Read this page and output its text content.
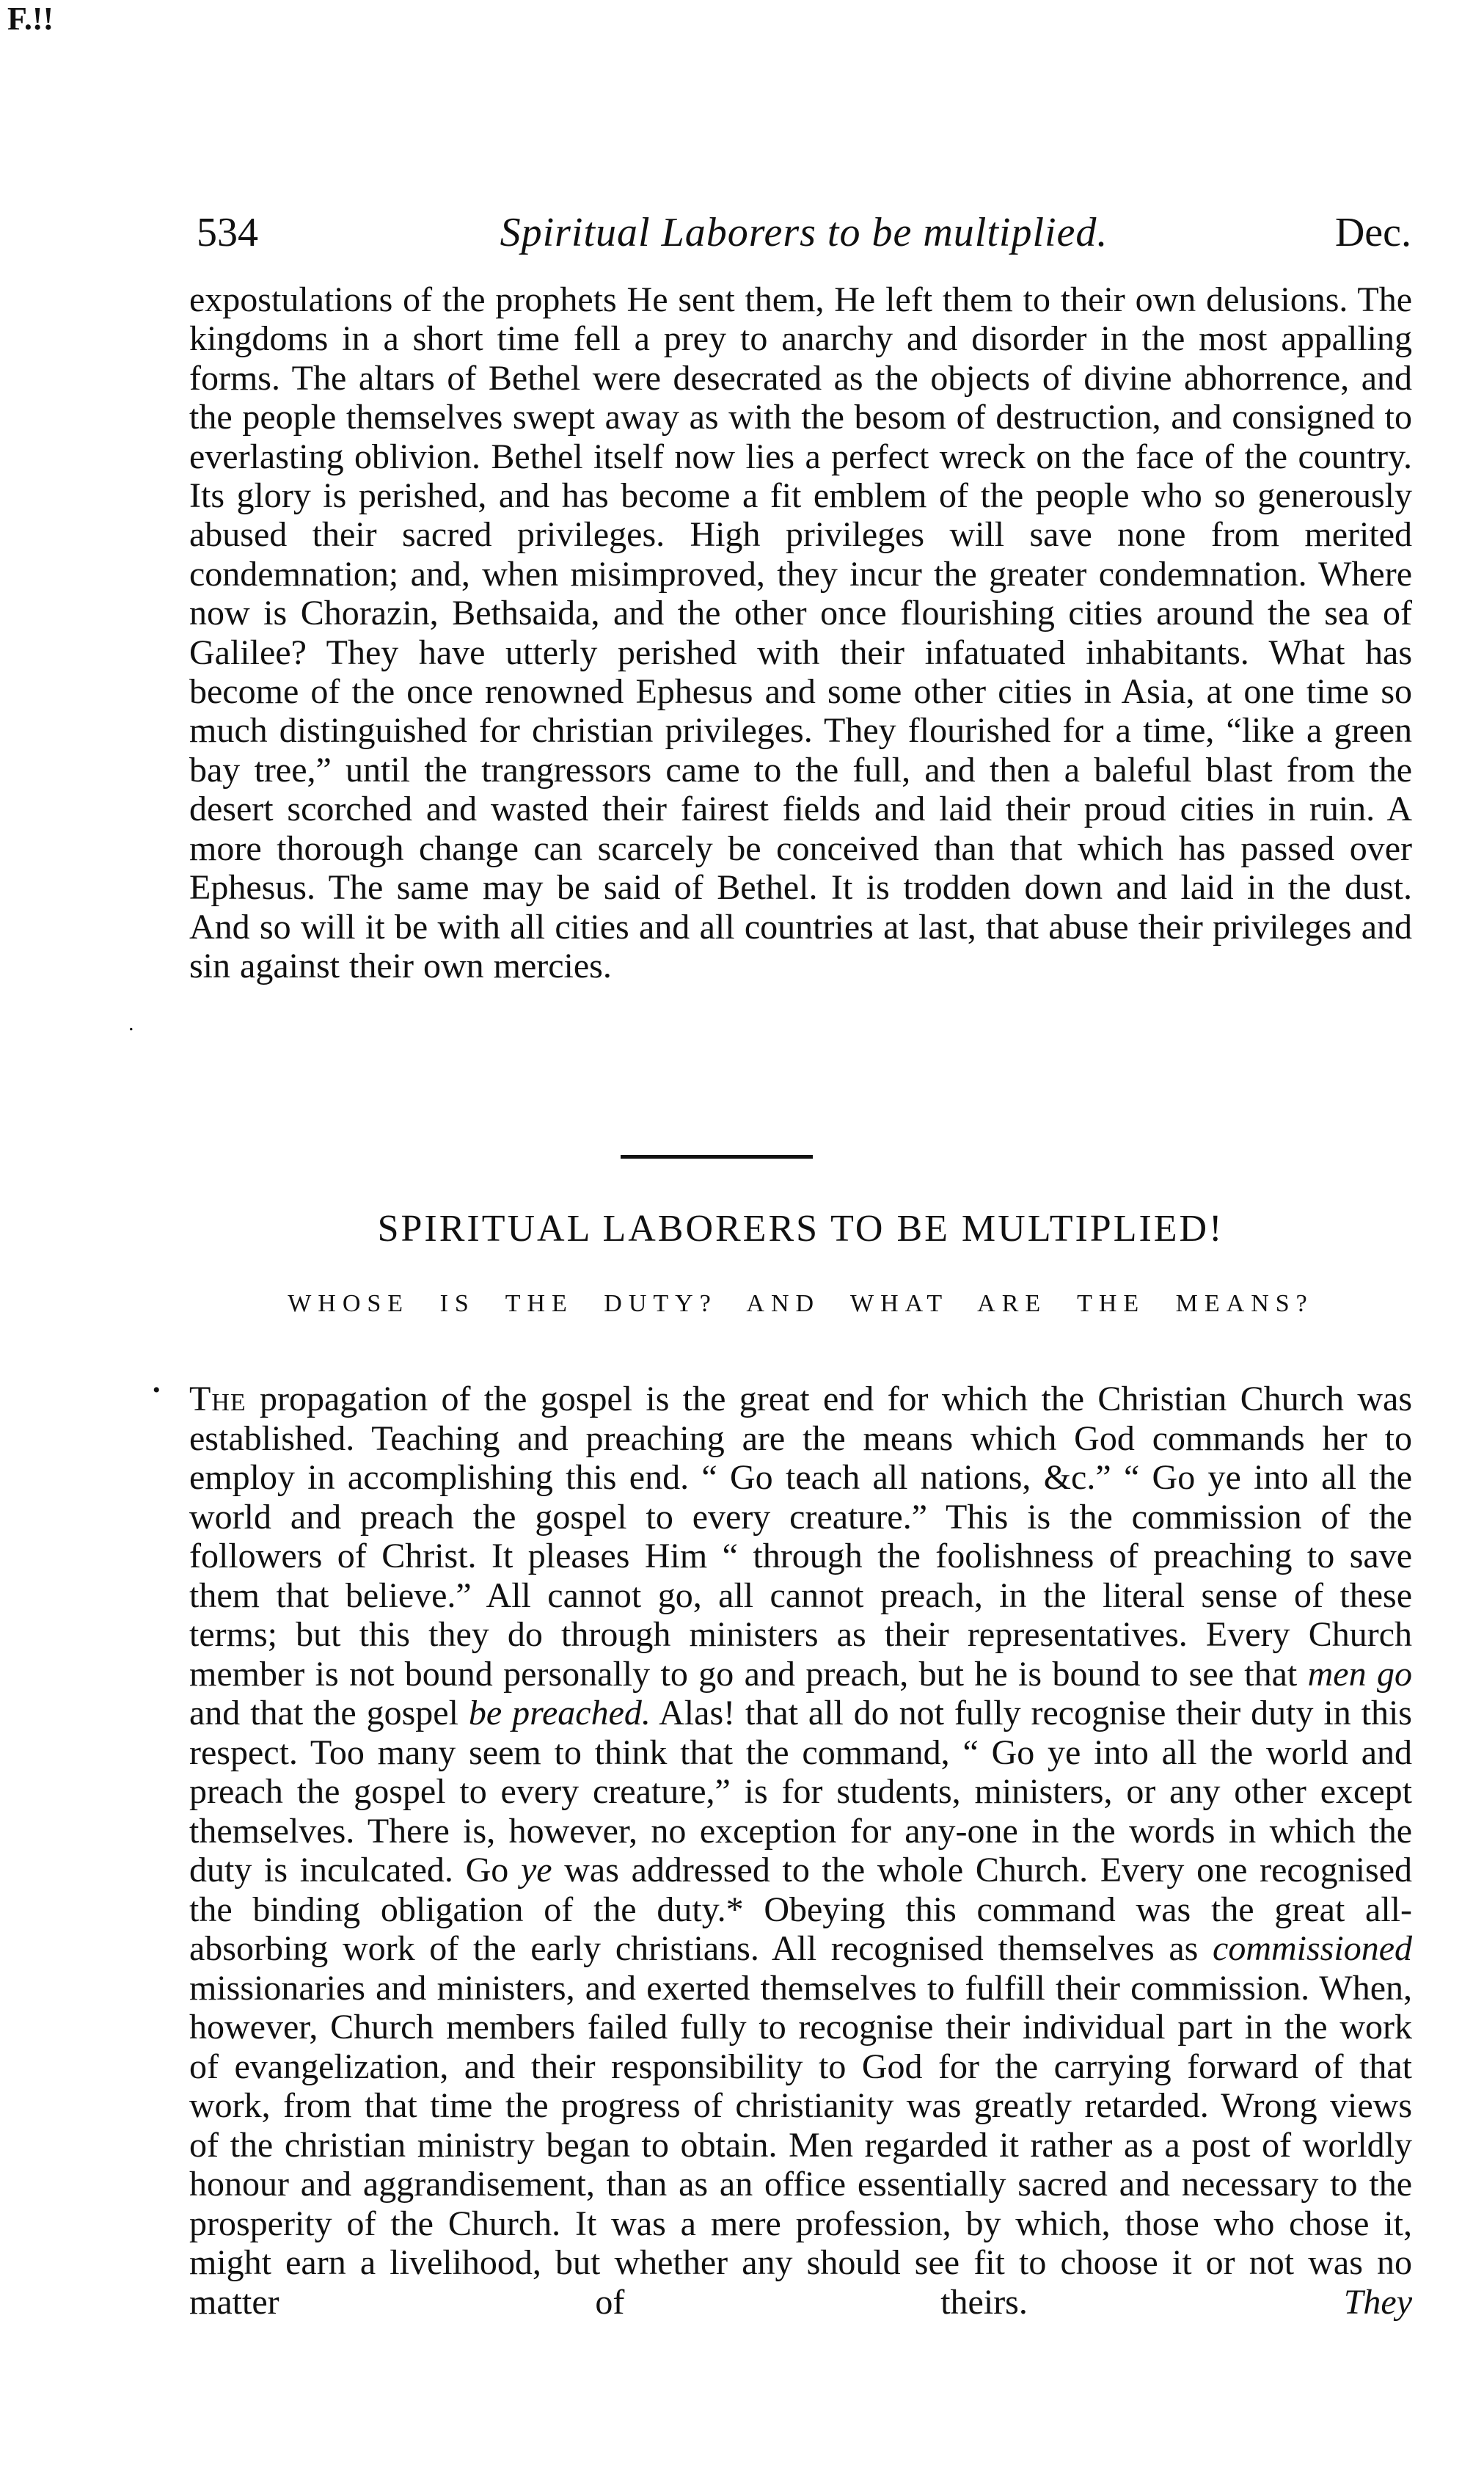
F.!!
534	Spiritual Laborers to be multiplied.	Dec.

expostulations of the prophets He sent them, He left them to their own delusions. The kingdoms in a short time fell a prey to anarchy and disorder in the most appalling forms. The altars of Bethel were desecrated as the objects of divine abhorrence, and the people themselves swept away as with the besom of destruction, and consigned to everlasting oblivion. Bethel itself now lies a perfect wreck on the face of the country. Its glory is perished, and has become a fit emblem of the people who so generously abused their sacred privileges. High privileges will save none from merited condemnation; and, when misimproved, they incur the greater condemnation. Where now is Chorazin, Bethsaida, and the other once flourishing cities around the sea of Galilee? They have utterly perished with their infatuated inhabitants. What has become of the once renowned Ephesus and some other cities in Asia, at one time so much distinguished for christian privileges. They flourished for a time, “like a green bay tree,” until the trangressors came to the full, and then a baleful blast from the desert scorched and wasted their fairest fields and laid their proud cities in ruin. A more thorough change can scarcely be conceived than that which has passed over Ephesus. The same may be said of Bethel. It is trodden down and laid in the dust. And so will it be with all cities and all countries at last, that abuse their privileges and sin against their own mercies.

.
SPIRITUAL LABORERS TO BE MULTIPLIED!
WHOSE IS THE DUTY? AND WHAT ARE THE MEANS?
• The propagation of the gospel is the great end for which the Christian Church was established. Teaching and preaching are the means which God commands her to employ in accomplishing this end. “ Go teach all nations, &c.” “ Go ye into all the world and preach the gospel to every creature.” This is the commission of the followers of Christ. It pleases Him “ through the foolishness of preaching to save them that believe.” All cannot go, all cannot preach, in the literal sense of these terms; but this they do through ministers as their representatives. Every Church member is not bound personally to go and preach, but he is bound to see that men go and that the gospel be preached. Alas! that all do not fully recognise their duty in this respect. Too many seem to think that the command, “ Go ye into all the world and preach the gospel to every creature,” is for students, ministers, or any other except themselves. There is, however, no exception for any-one in the words in which the duty is inculcated. Go ye was addressed to the whole Church. Every one recognised the binding obligation of the duty.* Obeying this command was the great all-absorbing work of the early christians. All recognised themselves as commissioned missionaries and ministers, and exerted themselves to fulfill their commission. When, however, Church members failed fully to recognise their individual part in the work of evangelization, and their responsibility to God for the carrying forward of that work, from that time the progress of christianity was greatly retarded. Wrong views of the christian ministry began to obtain. Men regarded it rather as a post of worldly honour and aggrandisement, than as an office essentially sacred and necessary to the prosperity of the Church. It was a mere profession, by which, those who chose it, might earn a livelihood, but whether any should see fit to choose it or not was no matter of theirs. They
